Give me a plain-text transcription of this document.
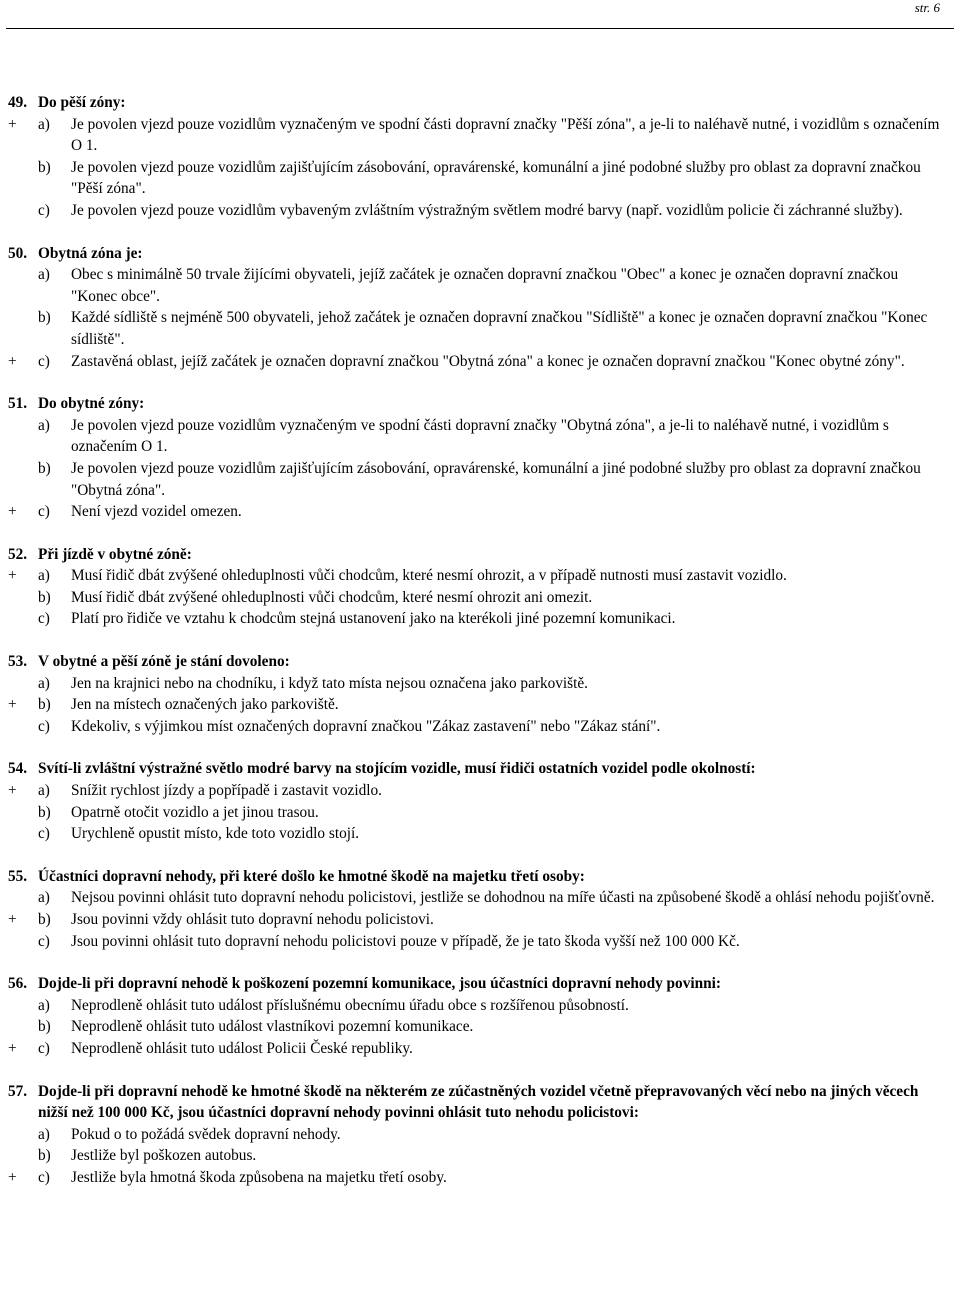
str. 6
49. Do pěší zóny:
+	a)	Je povolen vjezd pouze vozidlům vyznačeným ve spodní části dopravní značky "Pěší zóna", a je-li to naléhavě nutné, i vozidlům s označením O 1.
b)	Je povolen vjezd pouze vozidlům zajišťujícím zásobování, opravárenské, komunální a jiné podobné služby pro oblast za dopravní značkou "Pěší zóna".
c)	Je povolen vjezd pouze vozidlům vybaveným zvláštním výstražným světlem modré barvy (např. vozidlům policie či záchranné služby).
50. Obytná zóna je:
a)	Obec s minimálně 50 trvale žijícími obyvateli, jejíž začátek je označen dopravní značkou "Obec" a konec je označen dopravní značkou "Konec obce".
b)	Každé sídliště s nejméně 500 obyvateli, jehož začátek je označen dopravní značkou "Sídliště" a konec je označen dopravní značkou "Konec sídliště".
+	c)	Zastavěná oblast, jejíž začátek je označen dopravní značkou "Obytná zóna" a konec je označen dopravní značkou "Konec obytné zóny".
51. Do obytné zóny:
a)	Je povolen vjezd pouze vozidlům vyznačeným ve spodní části dopravní značky "Obytná zóna", a je-li to naléhavě nutné, i vozidlům s označením O 1.
b)	Je povolen vjezd pouze vozidlům zajišťujícím zásobování, opravárenské, komunální a jiné podobné služby pro oblast za dopravní značkou "Obytná zóna".
+	c)	Není vjezd vozidel omezen.
52. Při jízdě v obytné zóně:
+	a)	Musí řidič dbát zvýšené ohleduplnosti vůči chodcům, které nesmí ohrozit, a v případě nutnosti musí zastavit vozidlo.
b)	Musí řidič dbát zvýšené ohleduplnosti vůči chodcům, které nesmí ohrozit ani omezit.
c)	Platí pro řidiče ve vztahu k chodcům stejná ustanovení jako na kterékoli jiné pozemní komunikaci.
53. V obytné a pěší zóně je stání dovoleno:
a)	Jen na krajnici nebo na chodníku, i když tato místa nejsou označena jako parkoviště.
+	b)	Jen na místech označených jako parkoviště.
c)	Kdekoliv, s výjimkou míst označených dopravní značkou "Zákaz zastavení" nebo "Zákaz stání".
54. Svítí-li zvláštní výstražné světlo modré barvy na stojícím vozidle, musí řidiči ostatních vozidel podle okolností:
+	a)	Snížit rychlost jízdy a popřípadě i zastavit vozidlo.
b)	Opatrně otočit vozidlo a jet jinou trasou.
c)	Urychleně opustit místo, kde toto vozidlo stojí.
55. Účastníci dopravní nehody, při které došlo ke hmotné škodě na majetku třetí osoby:
a)	Nejsou povinni ohlásit tuto dopravní nehodu policistovi, jestliže se dohodnou na míře účasti na způsobené škodě a ohlásí nehodu pojišťovně.
+	b)	Jsou povinni vždy ohlásit tuto dopravní nehodu policistovi.
c)	Jsou povinni ohlásit tuto dopravní nehodu policistovi pouze v případě, že je tato škoda vyšší než 100 000 Kč.
56. Dojde-li při dopravní nehodě k poškození pozemní komunikace, jsou účastníci dopravní nehody povinni:
a)	Neprodleně ohlásit tuto událost příslušnému obecnímu úřadu obce s rozšířenou působností.
b)	Neprodleně ohlásit tuto událost vlastníkovi pozemní komunikace.
+	c)	Neprodleně ohlásit tuto událost Policii České republiky.
57. Dojde-li při dopravní nehodě ke hmotné škodě na některém ze zúčastněných vozidel včetně přepravovaných věcí nebo na jiných věcech nižší než 100 000 Kč, jsou účastníci dopravní nehody povinni ohlásit tuto nehodu policistovi:
a)	Pokud o to požádá svědek dopravní nehody.
b)	Jestliže byl poškozen autobus.
+	c)	Jestliže byla hmotná škoda způsobena na majetku třetí osoby.
